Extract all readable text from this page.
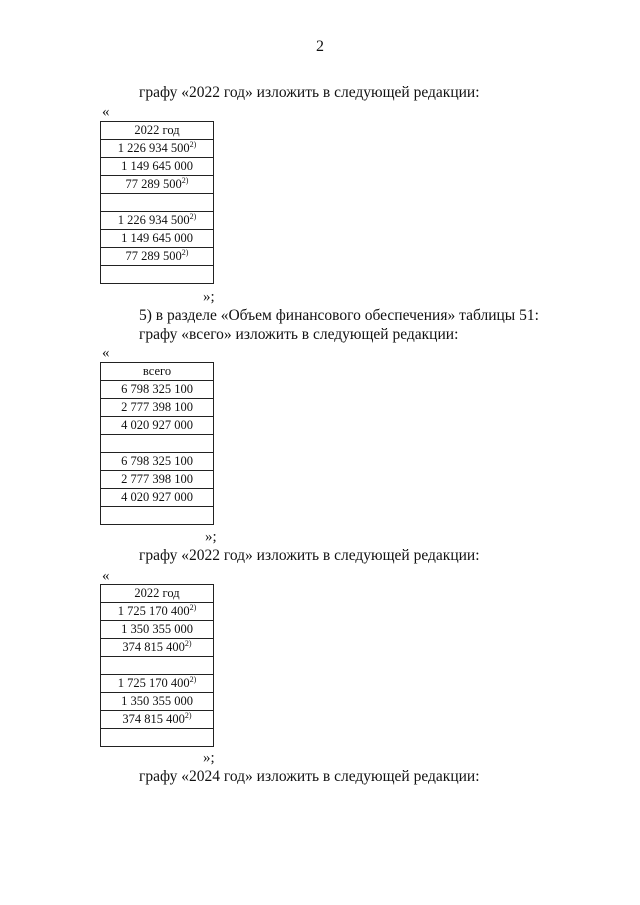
2
графу «2022 год» изложить в следующей редакции:
«
2022 год
1 226 934 500$^{2)}$
1 149 645 000
77 289 500$^{2)}$

1 226 934 500$^{2)}$
1 149 645 000
77 289 500$^{2)}$

»;
5) в разделе «Объем финансового обеспечения» таблицы 51:
графу «всего» изложить в следующей редакции:
«
всего
6 798 325 100
2 777 398 100
4 020 927 000

6 798 325 100
2 777 398 100
4 020 927 000

»;
графу «2022 год» изложить в следующей редакции:
«
2022 год
1 725 170 400$^{2)}$
1 350 355 000
374 815 400$^{2)}$

1 725 170 400$^{2)}$
1 350 355 000
374 815 400$^{2)}$

»;
графу «2024 год» изложить в следующей редакции:
